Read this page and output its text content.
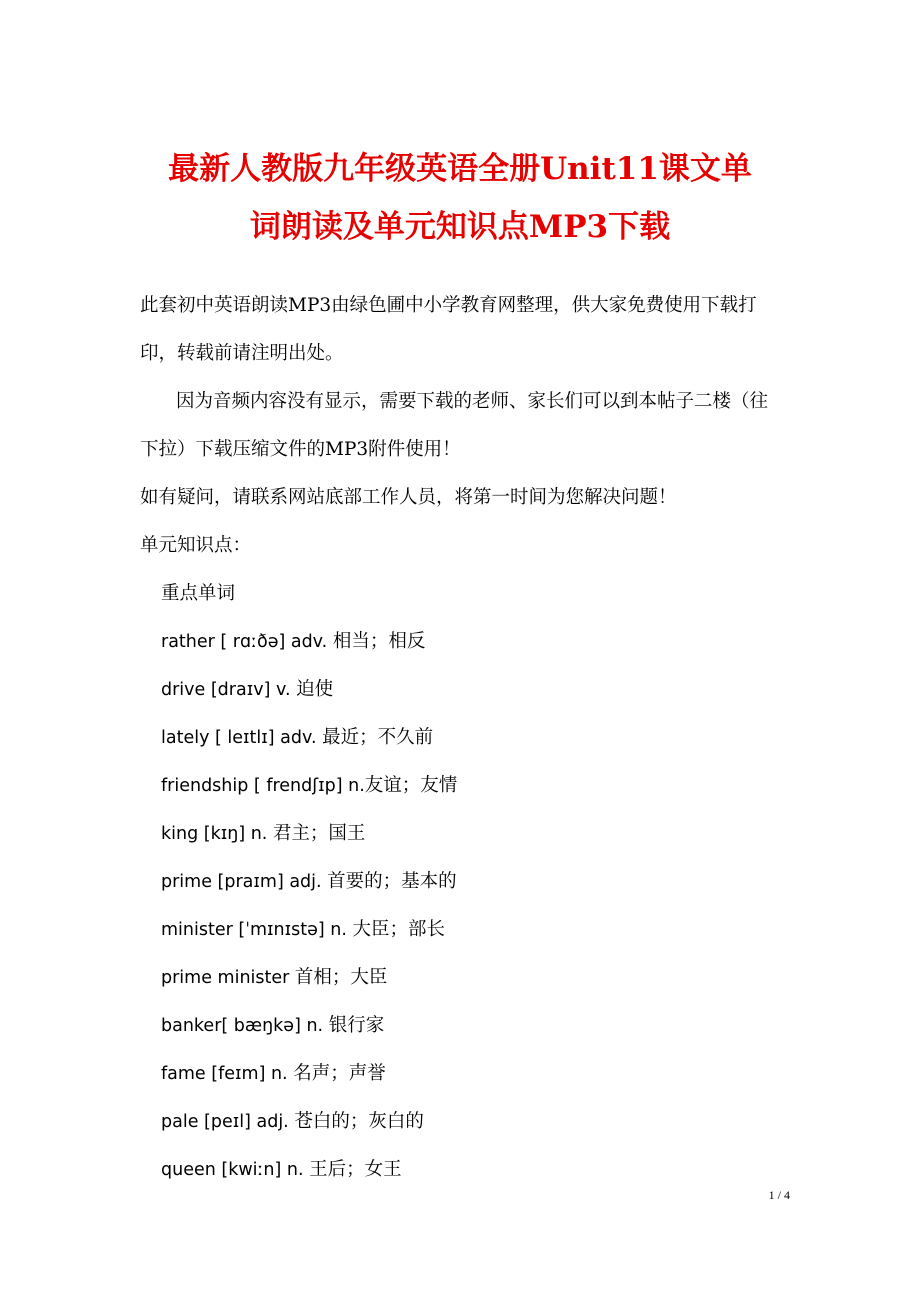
最新人教版九年级英语全册Unit11课文单
词朗读及单元知识点MP3下载
此套初中英语朗读MP3由绿色圃中小学教育网整理，供大家免费使用下载打印，转载前请注明出处。
因为音频内容没有显示，需要下载的老师、家长们可以到本帖子二楼（往下拉）下载压缩文件的MP3附件使用！
如有疑问，请联系网站底部工作人员，将第一时间为您解决问题！
单元知识点：
重点单词
rather [ rɑːðə] adv. 相当；相反
drive [draɪv] v. 迫使
lately [ leɪtlɪ] adv. 最近；不久前
friendship [ frendʃɪp] n.友谊；友情
king [kɪŋ] n. 君主；国王
prime [praɪm] adj. 首要的；基本的
minister [ˈmɪnɪstə] n. 大臣；部长
prime minister 首相；大臣
banker[ bæŋkə] n. 银行家
fame [feɪm] n. 名声；声誉
pale [peɪl] adj. 苍白的；灰白的
queen [kwiːn] n. 王后；女王
1 / 4
